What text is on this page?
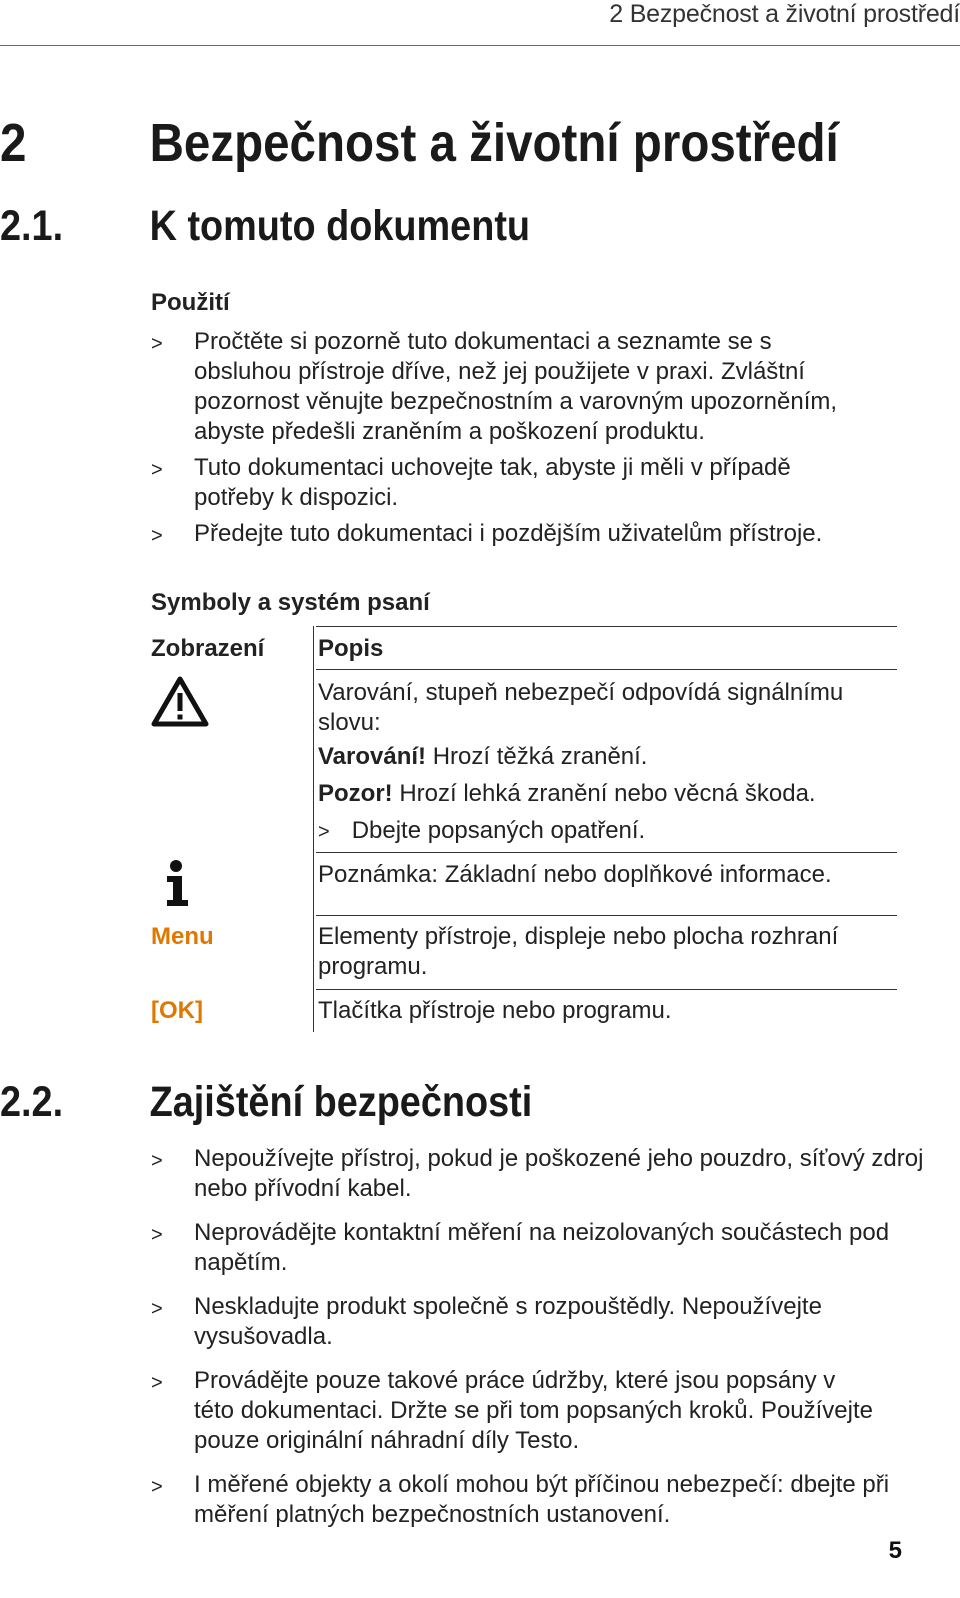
2 Bezpečnost a životní prostředí
2 Bezpečnost a životní prostředí
2.1. K tomuto dokumentu
Použití
> Pročtěte si pozorně tuto dokumentaci a seznamte se s obsluhou přístroje dříve, než jej použijete v praxi. Zvláštní pozornost věnujte bezpečnostním a varovným upozorněním, abyste předešli zraněním a poškození produktu.
> Tuto dokumentaci uchovejte tak, abyste ji měli v případě potřeby k dispozici.
> Předejte tuto dokumentaci i pozdějším uživatelům přístroje.
Symboly a systém psaní
Zobrazení Popis
Varování, stupeň nebezpečí odpovídá signálnímu slovu:
Varování! Hrozí těžká zranění.
Pozor! Hrozí lehká zranění nebo věcná škoda.
> Dbejte popsaných opatření.
Poznámka: Základní nebo doplňkové informace.
Menu	Elementy přístroje, displeje nebo plocha rozhraní programu.
[OK]	Tlačítka přístroje nebo programu.
2.2. Zajištění bezpečnosti
> Nepoužívejte přístroj, pokud je poškozené jeho pouzdro, síťový zdroj nebo přívodní kabel.
> Neprovádějte kontaktní měření na neizolovaných součástech pod napětím.
> Neskladujte produkt společně s rozpouštědly. Nepoužívejte vysušovadla.
> Provádějte pouze takové práce údržby, které jsou popsány v této dokumentaci. Držte se při tom popsaných kroků. Používejte pouze originální náhradní díly Testo.
> I měřené objekty a okolí mohou být příčinou nebezpečí: dbejte při měření platných bezpečnostních ustanovení.
5
